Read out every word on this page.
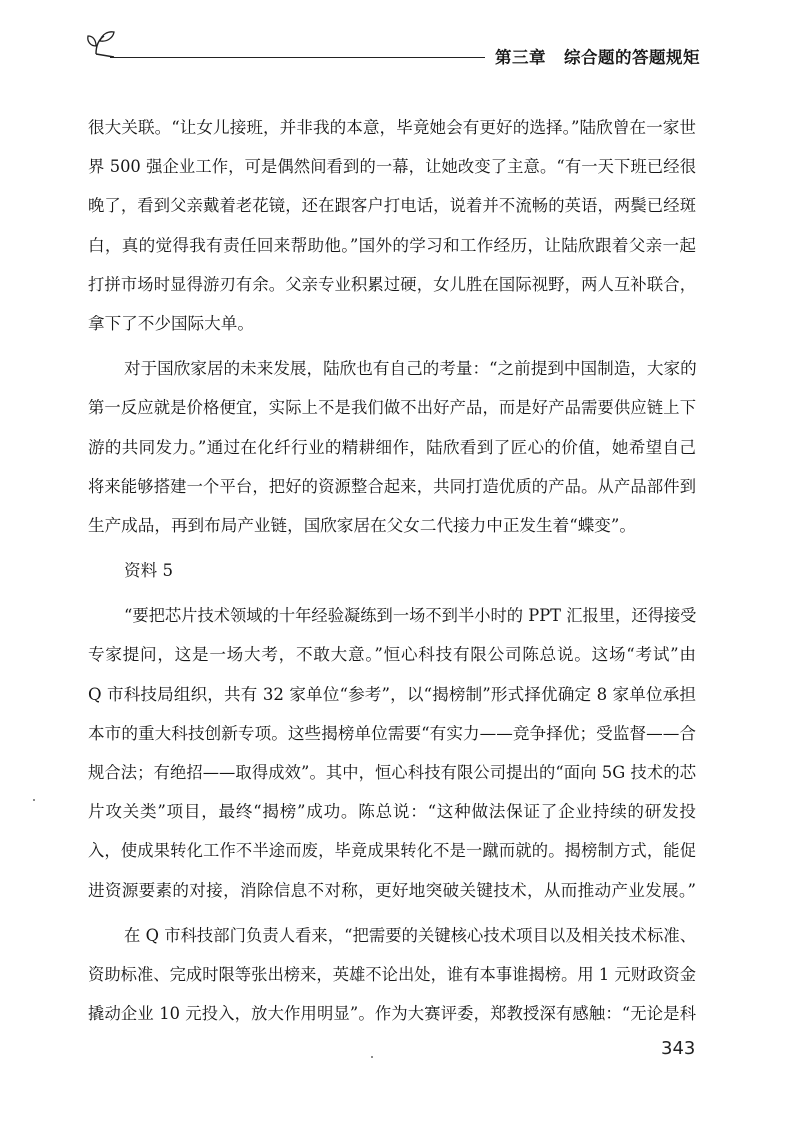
第三章 综合题的答题规矩
很大关联。“让女儿接班，并非我的本意，毕竟她会有更好的选择。”陆欣曾在一家世
界 500 强企业工作，可是偶然间看到的一幕，让她改变了主意。“有一天下班已经很
晚了，看到父亲戴着老花镜，还在跟客户打电话，说着并不流畅的英语，两鬓已经斑
白，真的觉得我有责任回来帮助他。”国外的学习和工作经历，让陆欣跟着父亲一起
打拼市场时显得游刃有余。父亲专业积累过硬，女儿胜在国际视野，两人互补联合，
拿下了不少国际大单。
对于国欣家居的未来发展，陆欣也有自己的考量：“之前提到中国制造，大家的
第一反应就是价格便宜，实际上不是我们做不出好产品，而是好产品需要供应链上下
游的共同发力。”通过在化纤行业的精耕细作，陆欣看到了匠心的价值，她希望自己
将来能够搭建一个平台，把好的资源整合起来，共同打造优质的产品。从产品部件到
生产成品，再到布局产业链，国欣家居在父女二代接力中正发生着“蝶变”。
资料 5
“要把芯片技术领域的十年经验凝练到一场不到半小时的 PPT 汇报里，还得接受
专家提问，这是一场大考，不敢大意。”恒心科技有限公司陈总说。这场“考试”由
Q 市科技局组织，共有 32 家单位“参考”，以“揭榜制”形式择优确定 8 家单位承担
本市的重大科技创新专项。这些揭榜单位需要“有实力——竞争择优；受监督——合
规合法；有绝招——取得成效”。其中，恒心科技有限公司提出的“面向 5G 技术的芯
片攻关类”项目，最终“揭榜”成功。陈总说：“这种做法保证了企业持续的研发投
入，使成果转化工作不半途而废，毕竟成果转化不是一蹴而就的。揭榜制方式，能促
进资源要素的对接，消除信息不对称，更好地突破关键技术，从而推动产业发展。”
在 Q 市科技部门负责人看来，“把需要的关键核心技术项目以及相关技术标准、
资助标准、完成时限等张出榜来，英雄不论出处，谁有本事谁揭榜。用 1 元财政资金
撬动企业 10 元投入，放大作用明显”。作为大赛评委，郑教授深有感触：“无论是科
343
